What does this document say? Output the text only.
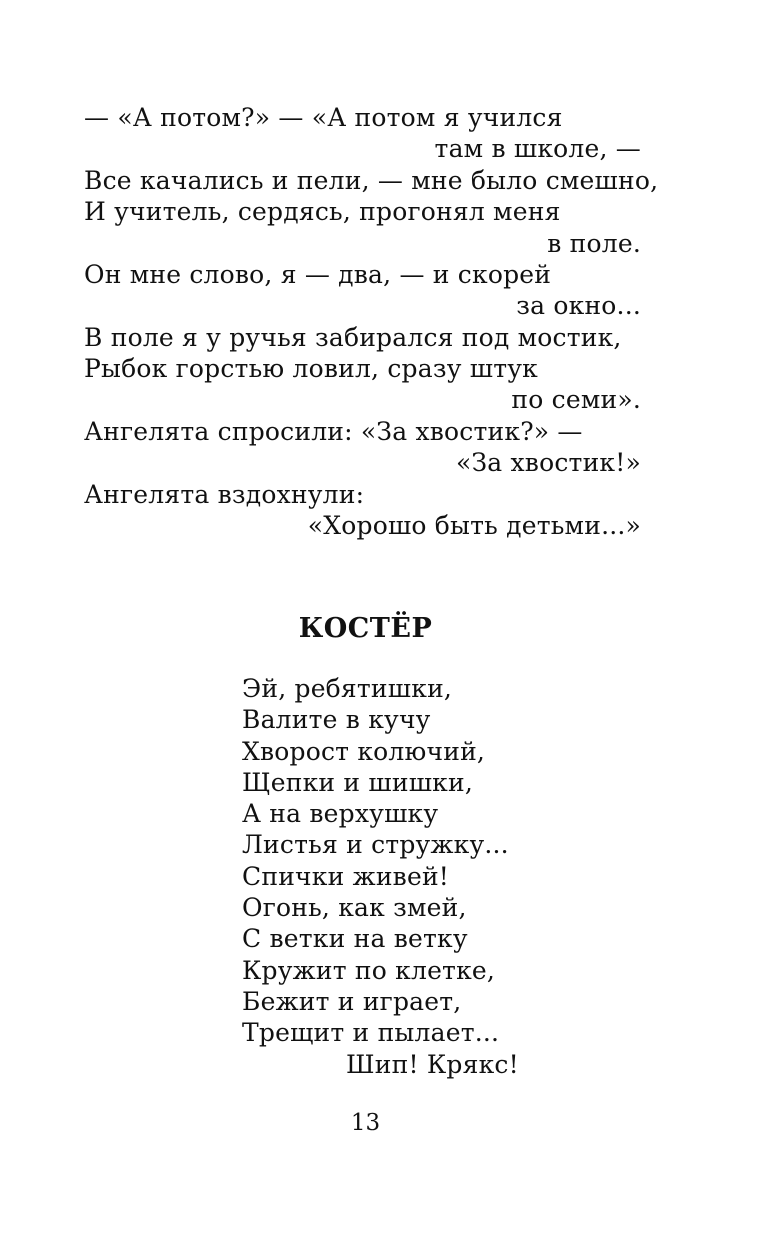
— «А потом?» — «А потом я учился
там в школе, —
Все качались и пели, — мне было смешно,
И учитель, сердясь, прогонял меня
в поле.
Он мне слово, я — два, — и скорей
за окно...
В поле я у ручья забирался под мостик,
Рыбок горстью ловил, сразу штук
по семи».
Ангелята спросили: «За хвостик?» —
«За хвостик!»
Ангелята вздохнули:
«Хорошо быть детьми...»
КОСТЁР
Эй, ребятишки,
Валите в кучу
Хворост колючий,
Щепки и шишки,
А на верхушку
Листья и стружку...
Спички живей!
Огонь, как змей,
С ветки на ветку
Кружит по клетке,
Бежит и играет,
Трещит и пылает...
Шип! Крякс!
13
